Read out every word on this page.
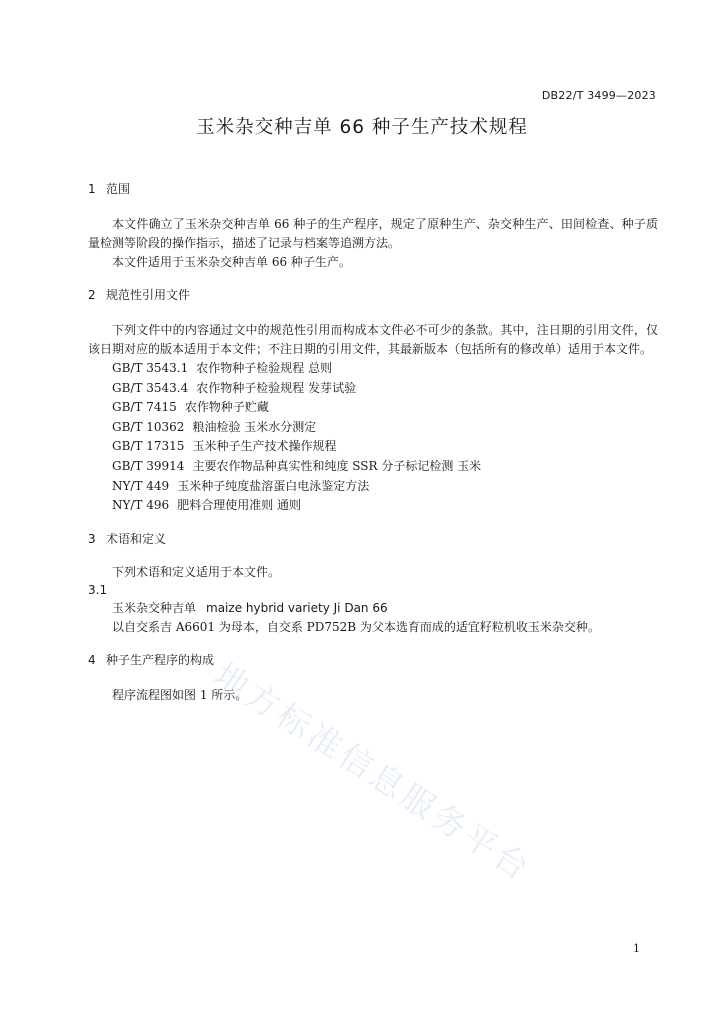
DB22/T 3499—2023
玉米杂交种吉单 66 种子生产技术规程
1 范围

本文件确立了玉米杂交种吉单 66 种子的生产程序，规定了原种生产、杂交种生产、田间检查、种子质量检测等阶段的操作指示，描述了记录与档案等追溯方法。

本文件适用于玉米杂交种吉单 66 种子生产。

2 规范性引用文件

下列文件中的内容通过文中的规范性引用而构成本文件必不可少的条款。其中，注日期的引用文件，仅该日期对应的版本适用于本文件；不注日期的引用文件，其最新版本（包括所有的修改单）适用于本文件。

GB/T 3543.1 农作物种子检验规程 总则
GB/T 3543.4 农作物种子检验规程 发芽试验
GB/T 7415 农作物种子贮藏
GB/T 10362 粮油检验 玉米水分测定
GB/T 17315 玉米种子生产技术操作规程
GB/T 39914 主要农作物品种真实性和纯度 SSR 分子标记检测 玉米
NY/T 449 玉米种子纯度盐溶蛋白电泳鉴定方法
NY/T 496 肥料合理使用准则 通则
3 术语和定义

下列术语和定义适用于本文件。

3.1

玉米杂交种吉单 maize hybrid variety Ji Dan 66

以自交系吉 A6601 为母本，自交系 PD752B 为父本选育而成的适宜籽粒机收玉米杂交种。

4 种子生产程序的构成

程序流程图如图 1 所示。

地方标准信息服务平台
1
